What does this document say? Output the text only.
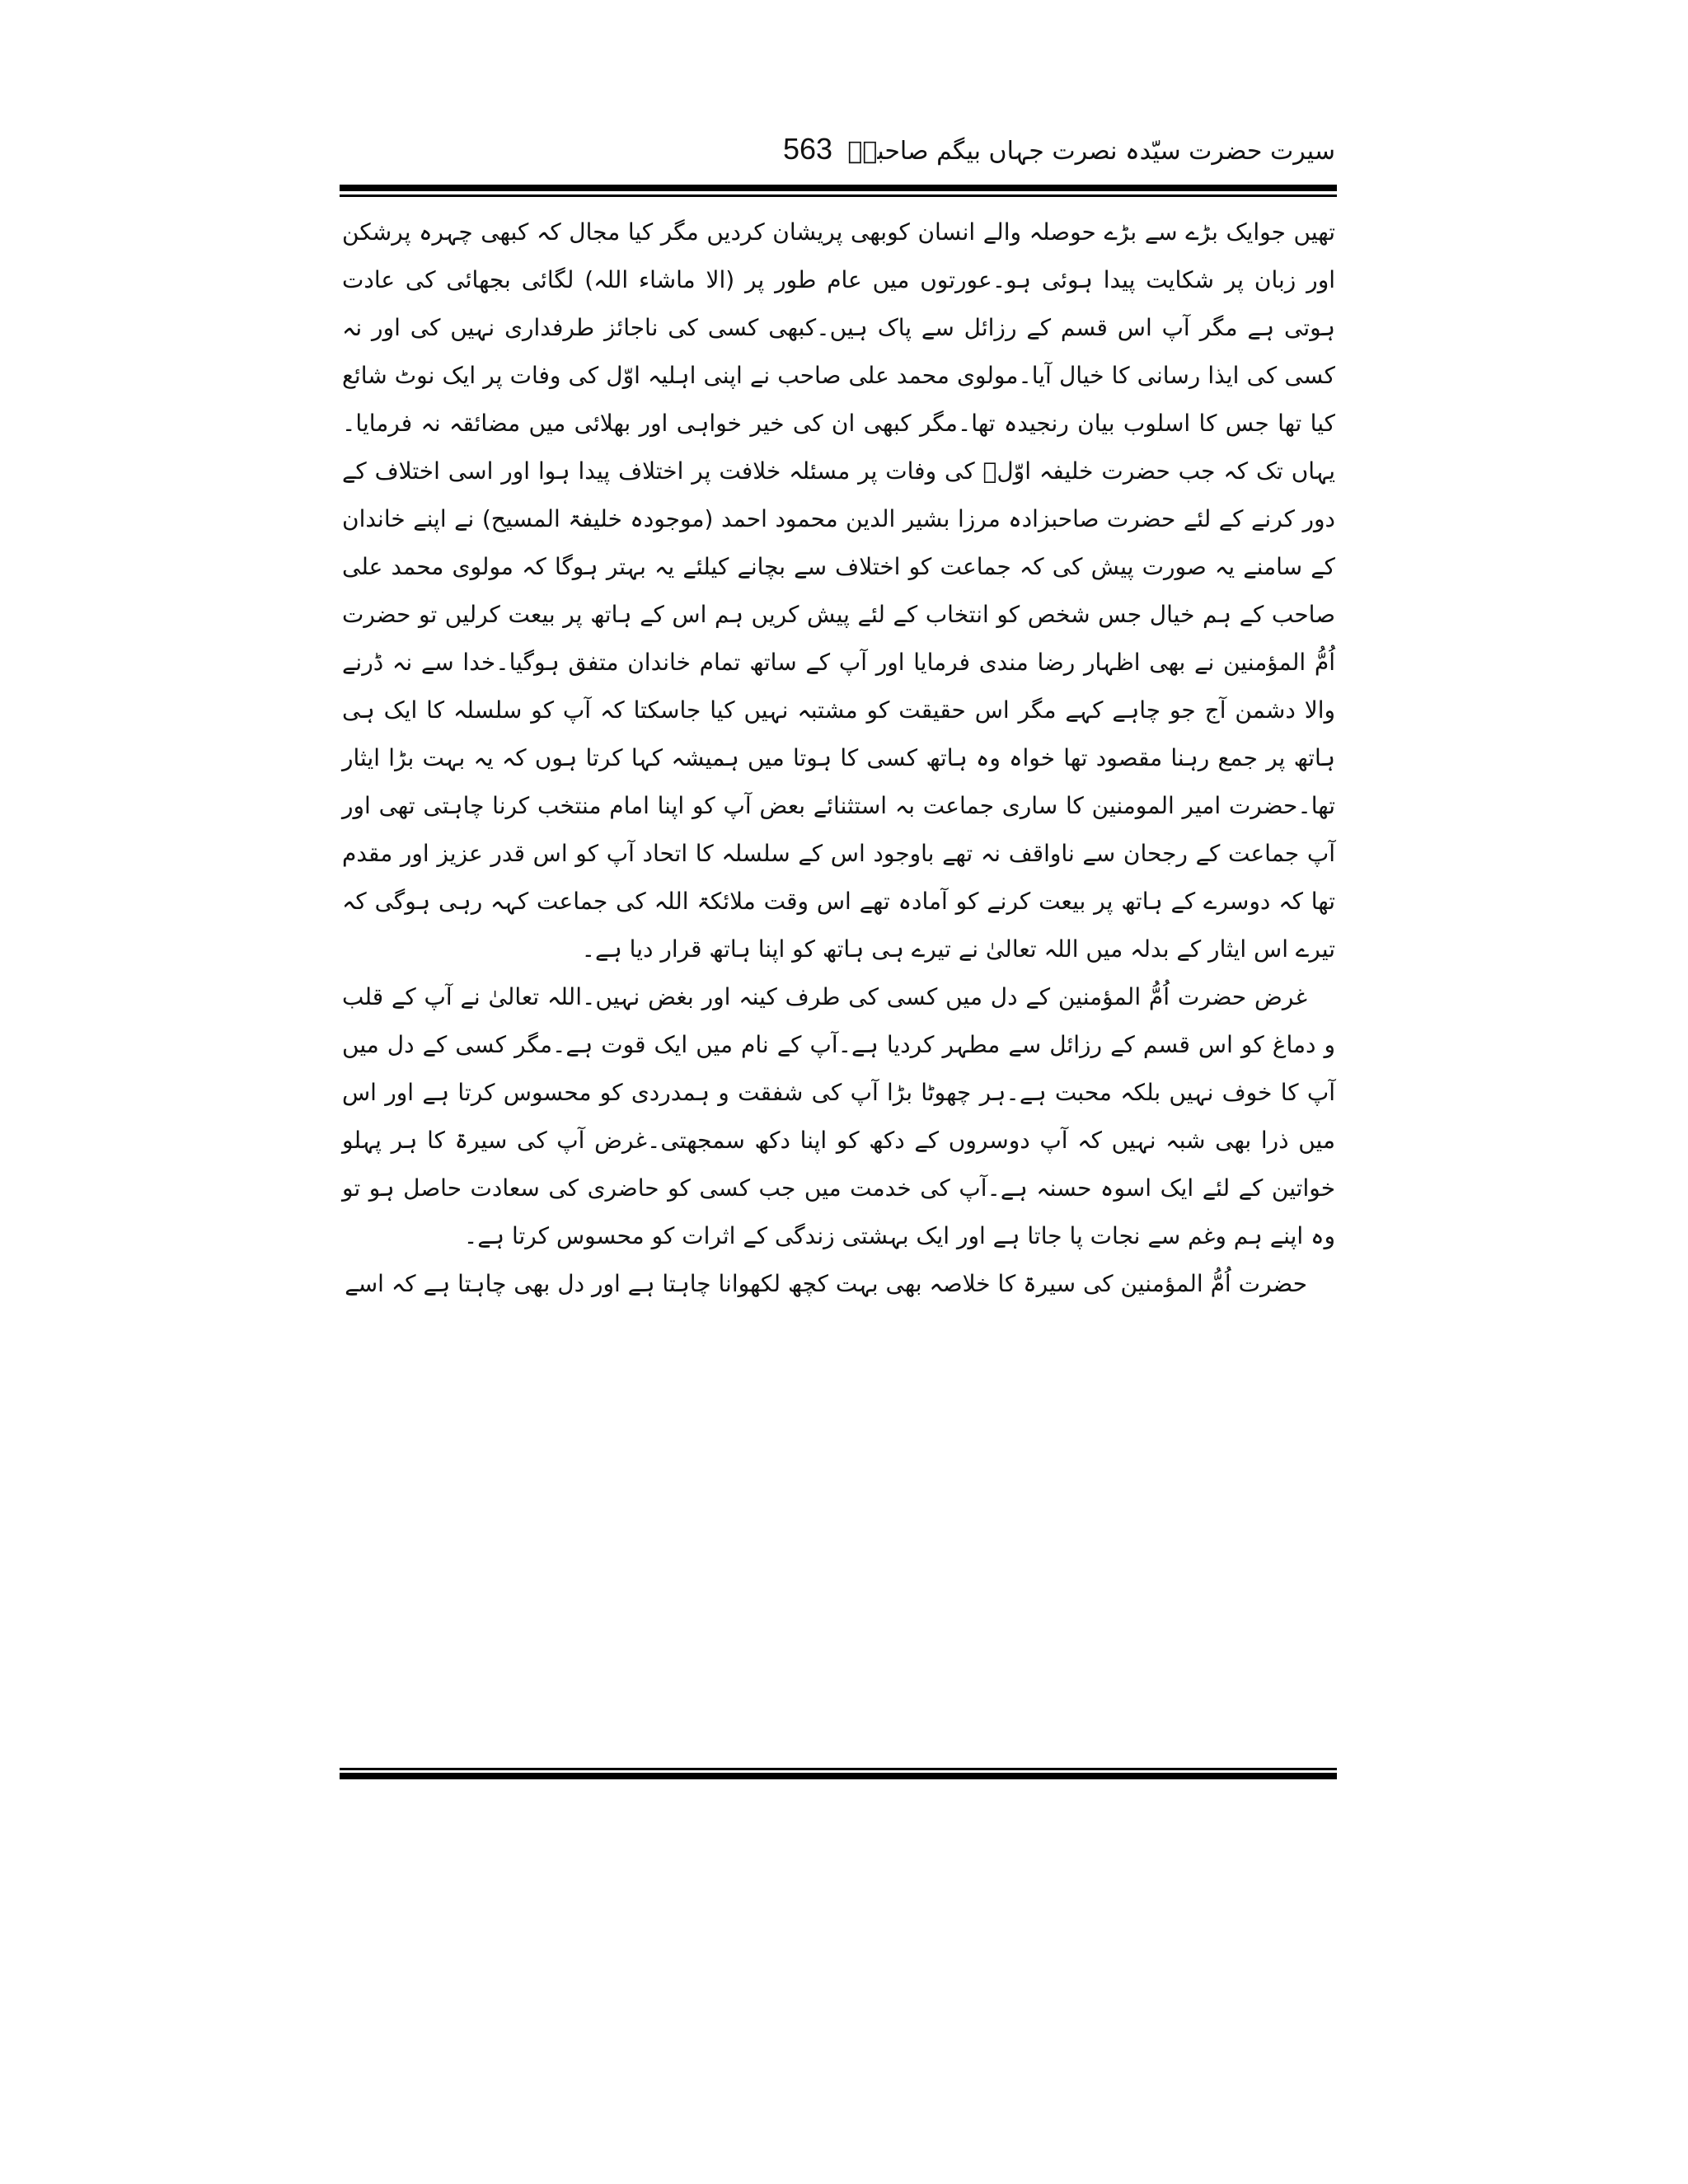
سیرت حضرت سیّدہ نصرت جہاں بیگم صاحبہؓ
563

تھیں جوایک بڑے سے بڑے حوصلہ والے انسان کوبھی پریشان کردیں مگر کیا مجال کہ کبھی چہرہ پرشکن اور زبان پر شکایت پیدا ہوئی ہو۔عورتوں میں عام طور پر (الا ماشاء اللہ) لگائی بجھائی کی عادت ہوتی ہے مگر آپ اس قسم کے رزائل سے پاک ہیں۔کبھی کسی کی ناجائز طرفداری نہیں کی اور نہ کسی کی ایذا رسانی کا خیال آیا۔مولوی محمد علی صاحب نے اپنی اہلیہ اوّل کی وفات پر ایک نوٹ شائع کیا تھا جس کا اسلوب بیان رنجیدہ تھا۔مگر کبھی ان کی خیر خواہی اور بھلائی میں مضائقہ نہ فرمایا۔یہاں تک کہ جب حضرت خلیفہ اوّلؓ کی وفات پر مسئلہ خلافت پر اختلاف پیدا ہوا اور اسی اختلاف کے دور کرنے کے لئے حضرت صاحبزادہ مرزا بشیر الدین محمود احمد (موجودہ خلیفۃ المسیح) نے اپنے خاندان کے سامنے یہ صورت پیش کی کہ جماعت کو اختلاف سے بچانے کیلئے یہ بہتر ہوگا کہ مولوی محمد علی صاحب کے ہم خیال جس شخص کو انتخاب کے لئے پیش کریں ہم اس کے ہاتھ پر بیعت کرلیں تو حضرت اُمُّ المؤمنین نے بھی اظہار رضا مندی فرمایا اور آپ کے ساتھ تمام خاندان متفق ہوگیا۔خدا سے نہ ڈرنے والا دشمن آج جو چاہے کہے مگر اس حقیقت کو مشتبہ نہیں کیا جاسکتا کہ آپ کو سلسلہ کا ایک ہی ہاتھ پر جمع رہنا مقصود تھا خواہ وہ ہاتھ کسی کا ہوتا میں ہمیشہ کہا کرتا ہوں کہ یہ بہت بڑا ایثار تھا۔حضرت امیر المومنین کا ساری جماعت بہ استثنائے بعض آپ کو اپنا امام منتخب کرنا چاہتی تھی اور آپ جماعت کے رجحان سے ناواقف نہ تھے باوجود اس کے سلسلہ کا اتحاد آپ کو اس قدر عزیز اور مقدم تھا کہ دوسرے کے ہاتھ پر بیعت کرنے کو آمادہ تھے اس وقت ملائکۃ اللہ کی جماعت کہہ رہی ہوگی کہ تیرے اس ایثار کے بدلہ میں اللہ تعالیٰ نے تیرے ہی ہاتھ کو اپنا ہاتھ قرار دیا ہے۔

غرض حضرت اُمُّ المؤمنین کے دل میں کسی کی طرف کینہ اور بغض نہیں۔اللہ تعالیٰ نے آپ کے قلب و دماغ کو اس قسم کے رزائل سے مطہر کردیا ہے۔آپ کے نام میں ایک قوت ہے۔مگر کسی کے دل میں آپ کا خوف نہیں بلکہ محبت ہے۔ہر چھوٹا بڑا آپ کی شفقت و ہمدردی کو محسوس کرتا ہے اور اس میں ذرا بھی شبہ نہیں کہ آپ دوسروں کے دکھ کو اپنا دکھ سمجھتی۔غرض آپ کی سیرۃ کا ہر پہلو خواتین کے لئے ایک اسوہ حسنہ ہے۔آپ کی خدمت میں جب کسی کو حاضری کی سعادت حاصل ہو تو وہ اپنے ہم وغم سے نجات پا جاتا ہے اور ایک بہشتی زندگی کے اثرات کو محسوس کرتا ہے۔

حضرت اُمُّ المؤمنین کی سیرۃ کا خلاصہ بھی بہت کچھ لکھوانا چاہتا ہے اور دل بھی چاہتا ہے کہ اسے
